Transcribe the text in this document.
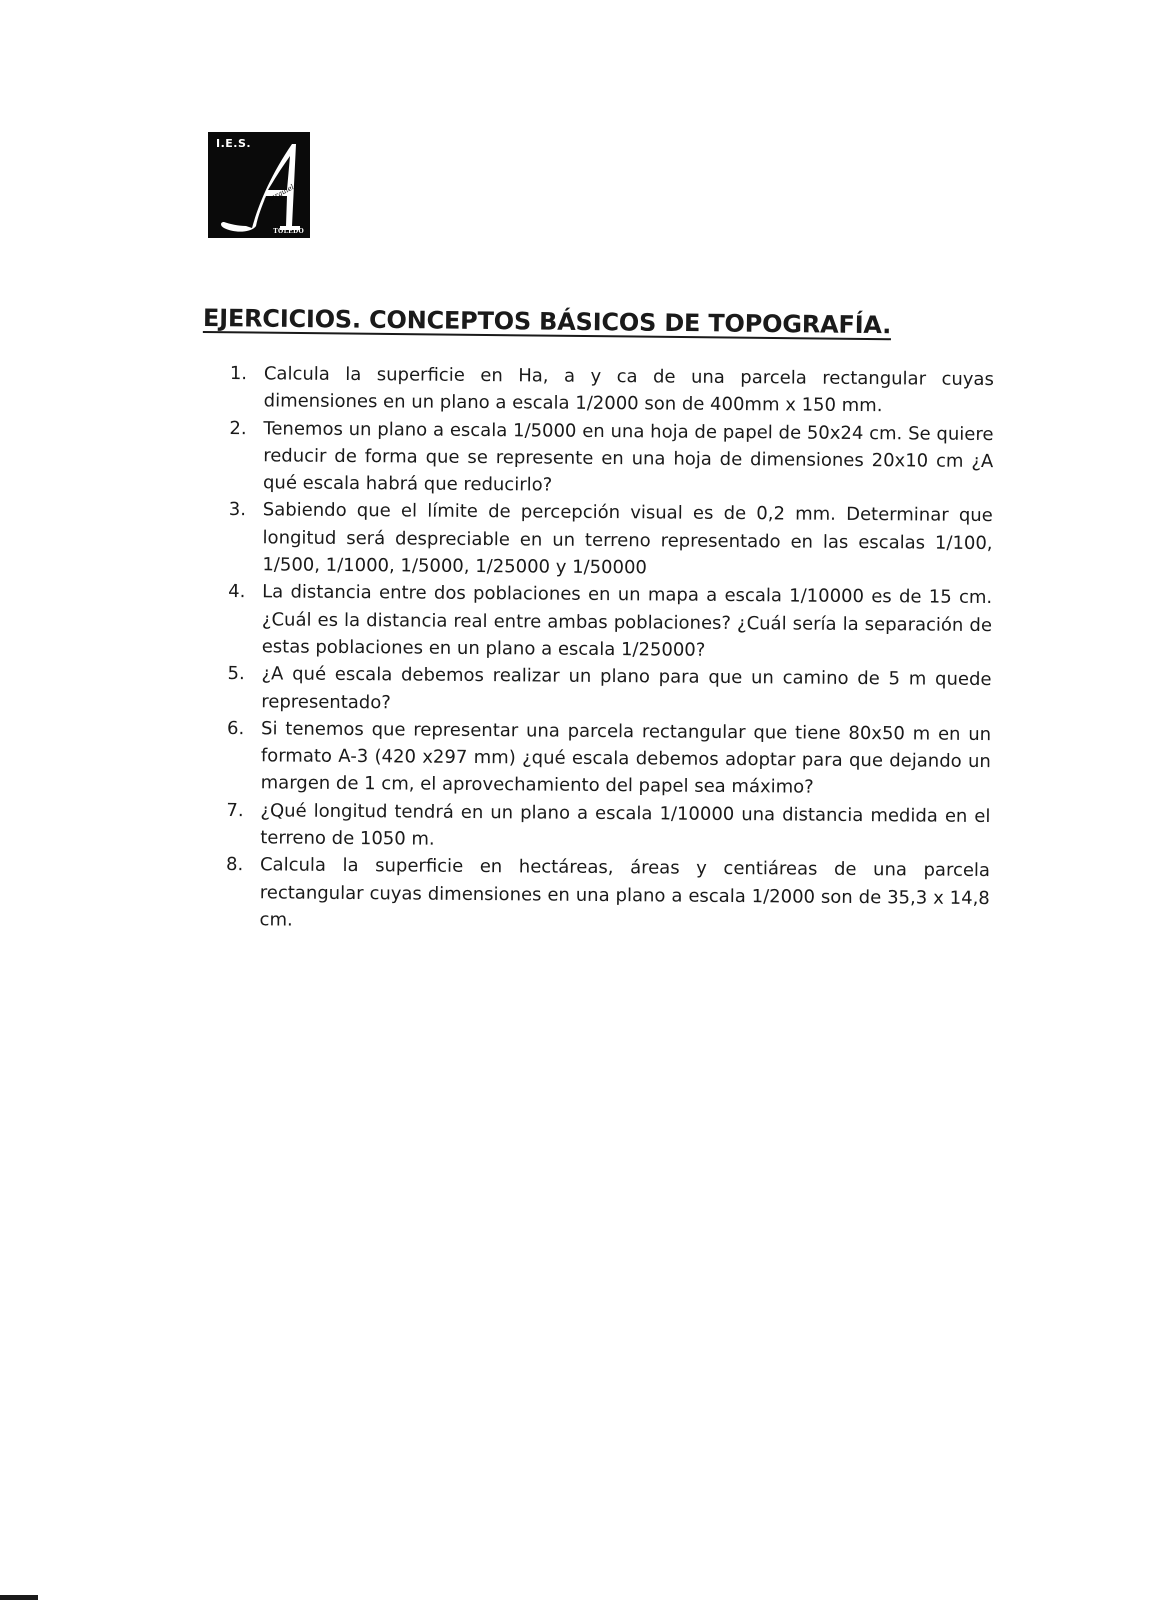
Azarquiel
I.E.S.
TOLEDO
EJERCICIOS. CONCEPTOS BÁSICOS DE TOPOGRAFÍA.
1. Calcula la superficie en Ha, a y ca de una parcela rectangular cuyas dimensiones en un plano a escala 1/2000 son de 400mm x 150 mm.
2. Tenemos un plano a escala 1/5000 en una hoja de papel de 50x24 cm. Se quiere reducir de forma que se represente en una hoja de dimensiones 20x10 cm ¿A qué escala habrá que reducirlo?
3. Sabiendo que el límite de percepción visual es de 0,2 mm. Determinar que longitud será despreciable en un terreno representado en las escalas 1/100, 1/500, 1/1000, 1/5000, 1/25000 y 1/50000
4. La distancia entre dos poblaciones en un mapa a escala 1/10000 es de 15 cm. ¿Cuál es la distancia real entre ambas poblaciones? ¿Cuál sería la separación de estas poblaciones en un plano a escala 1/25000?
5. ¿A qué escala debemos realizar un plano para que un camino de 5 m quede representado?
6. Si tenemos que representar una parcela rectangular que tiene 80x50 m en un formato A-3 (420 x297 mm) ¿qué escala debemos adoptar para que dejando un margen de 1 cm, el aprovechamiento del papel sea máximo?
7. ¿Qué longitud tendrá en un plano a escala 1/10000 una distancia medida en el terreno de 1050 m.
8. Calcula la superficie en hectáreas, áreas y centiáreas de una parcela rectangular cuyas dimensiones en una plano a escala 1/2000 son de 35,3 x 14,8 cm.
